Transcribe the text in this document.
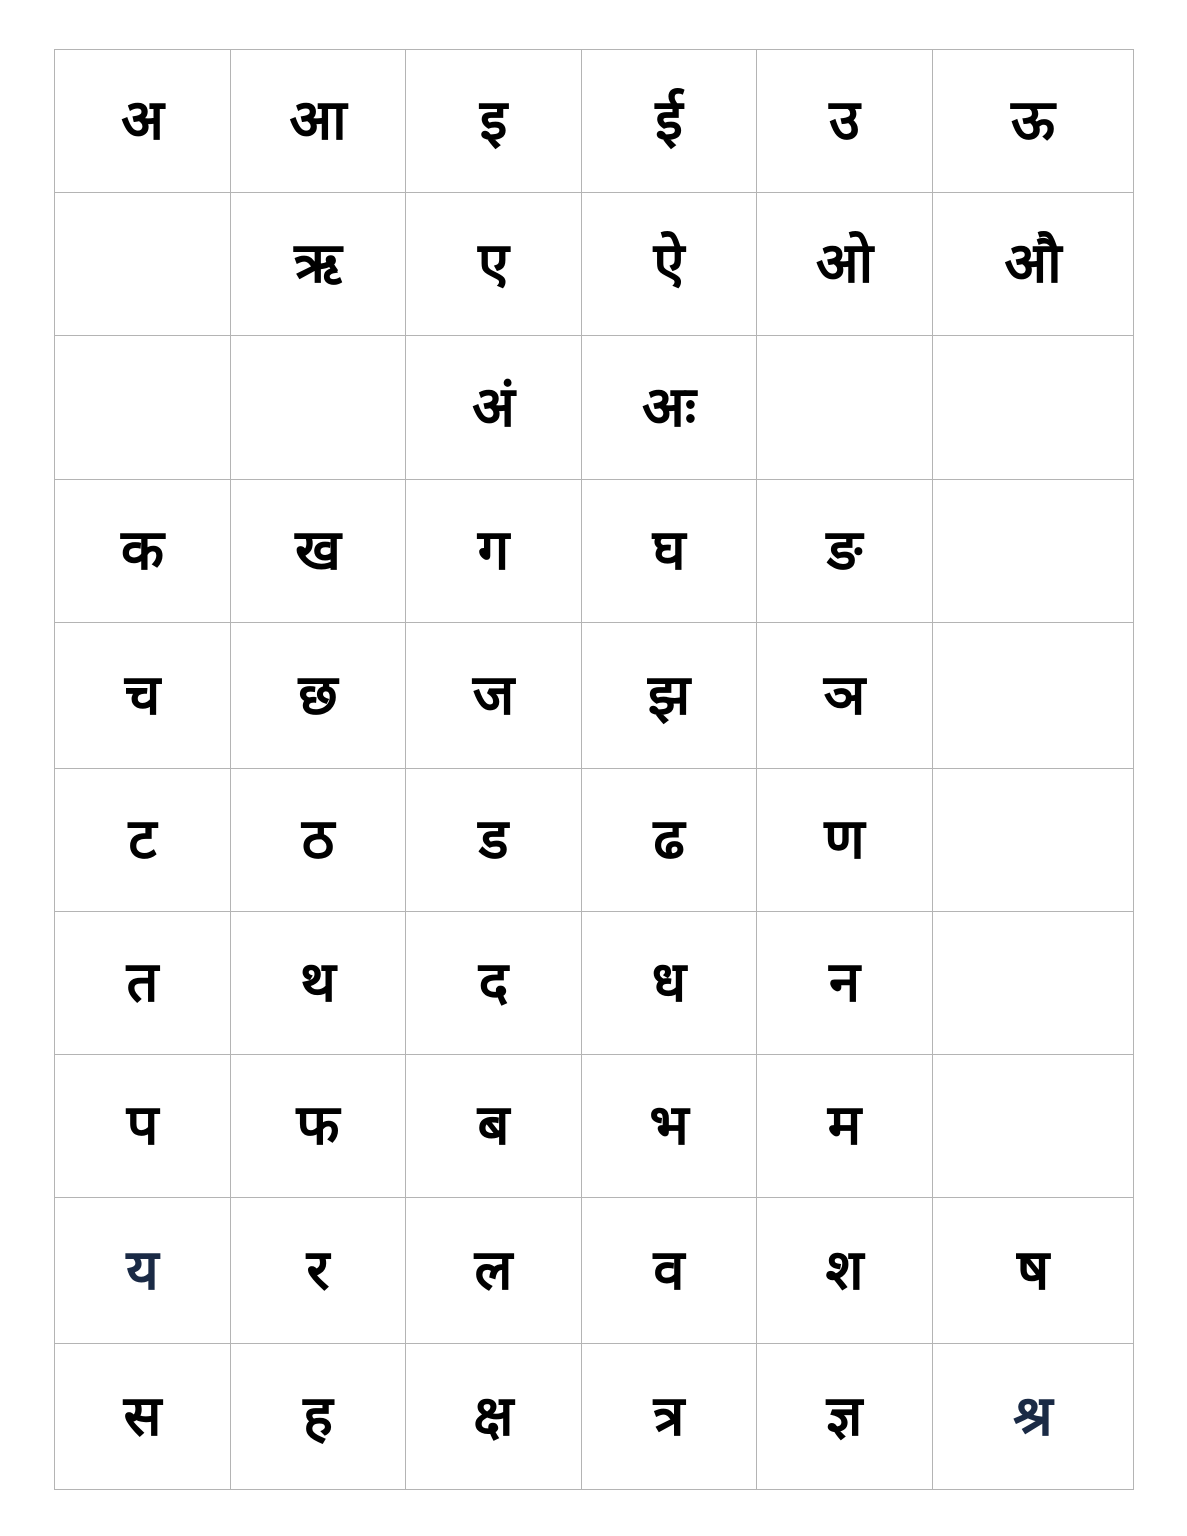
अ	आ	इ	ई	उ	ऊ
	ऋ	ए	ऐ	ओ	औ
		अं	अः		
क	ख	ग	घ	ङ	
च	छ	ज	झ	ञ	
ट	ठ	ड	ढ	ण	
त	थ	द	ध	न	
प	फ	ब	भ	म	
य	र	ल	व	श	ष
स	ह	क्ष	त्र	ज्ञ	श्र
